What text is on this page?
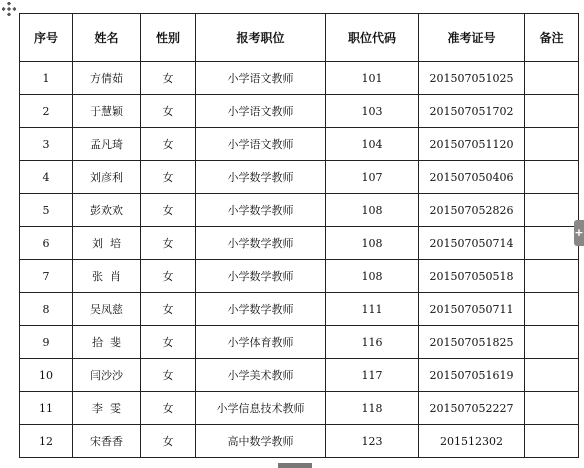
序号	姓名	性别	报考职位	职位代码	准考证号	备注
1	方倩茹	女	小学语文教师	101	201507051025	
2	于慧颖	女	小学语文教师	103	201507051702	
3	孟凡琦	女	小学语文教师	104	201507051120	
4	刘彦利	女	小学数学教师	107	201507050406	
5	彭欢欢	女	小学数学教师	108	201507052826	
6	刘  培	女	小学数学教师	108	201507050714	
7	张  肖	女	小学数学教师	108	201507050518	
8	吴凤慈	女	小学数学教师	111	201507050711	
9	拾  斐	女	小学体育教师	116	201507051825	
10	闫沙沙	女	小学美术教师	117	201507051619	
11	李  雯	女	小学信息技术教师	118	201507052227	
12	宋香香	女	高中数学教师	123	201512302	
+
